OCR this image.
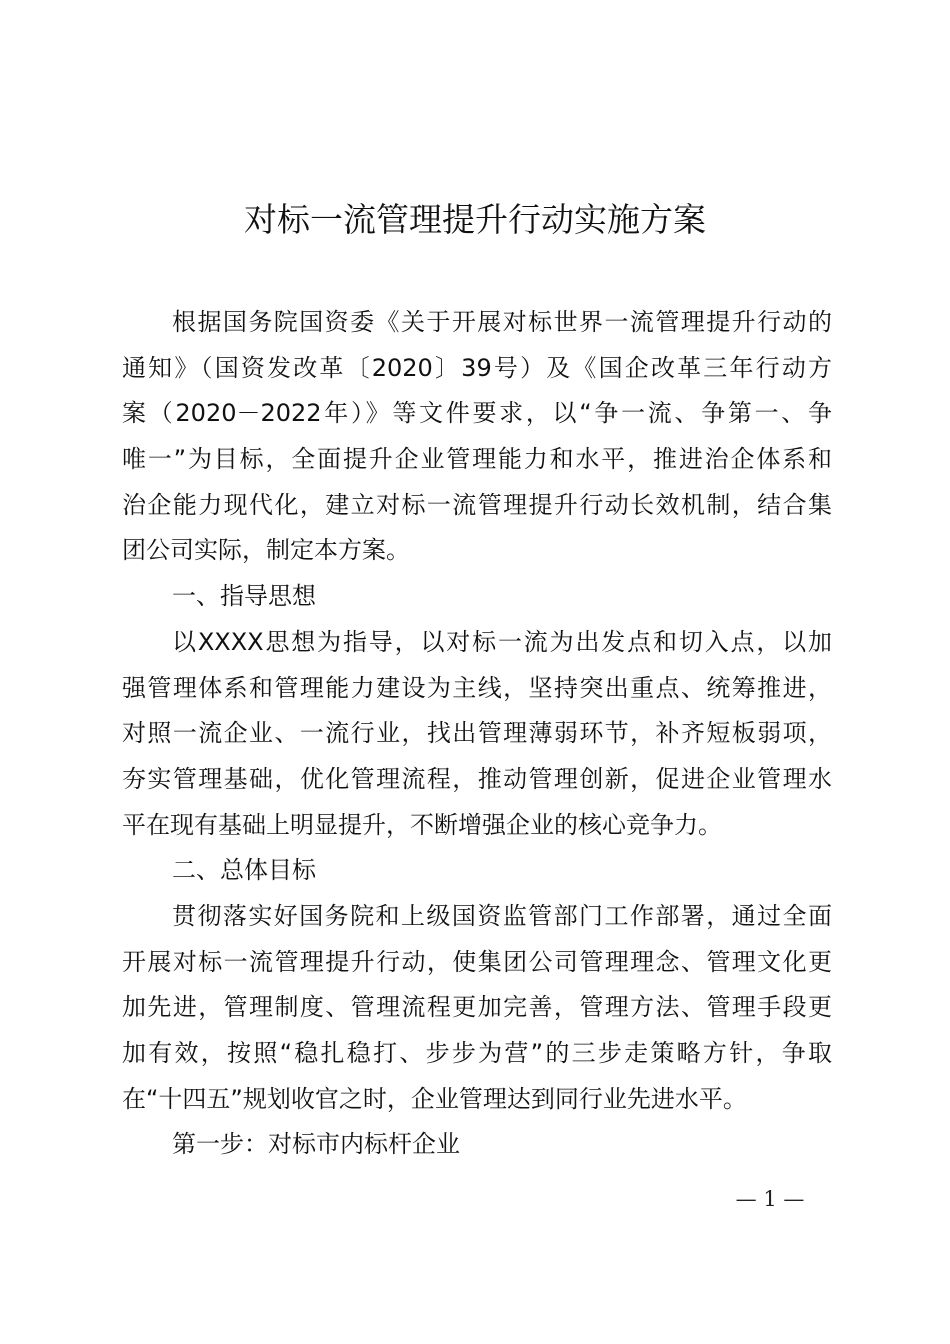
对标一流管理提升行动实施方案
根据国务院国资委《关于开展对标世界一流管理提升行动的
通知》（国资发改革〔2020〕39号）及《国企改革三年行动方
案（2020－2022年）》等文件要求，以“争一流、争第一、争
唯一”为目标，全面提升企业管理能力和水平，推进治企体系和
治企能力现代化，建立对标一流管理提升行动长效机制，结合集
团公司实际，制定本方案。
一、指导思想
以XXXX思想为指导，以对标一流为出发点和切入点，以加
强管理体系和管理能力建设为主线，坚持突出重点、统筹推进，
对照一流企业、一流行业，找出管理薄弱环节，补齐短板弱项，
夯实管理基础，优化管理流程，推动管理创新，促进企业管理水
平在现有基础上明显提升，不断增强企业的核心竞争力。
二、总体目标
贯彻落实好国务院和上级国资监管部门工作部署，通过全面
开展对标一流管理提升行动，使集团公司管理理念、管理文化更
加先进，管理制度、管理流程更加完善，管理方法、管理手段更
加有效，按照“稳扎稳打、步步为营”的三步走策略方针，争取
在“十四五”规划收官之时，企业管理达到同行业先进水平。
第一步：对标市内标杆企业
— 1 —
